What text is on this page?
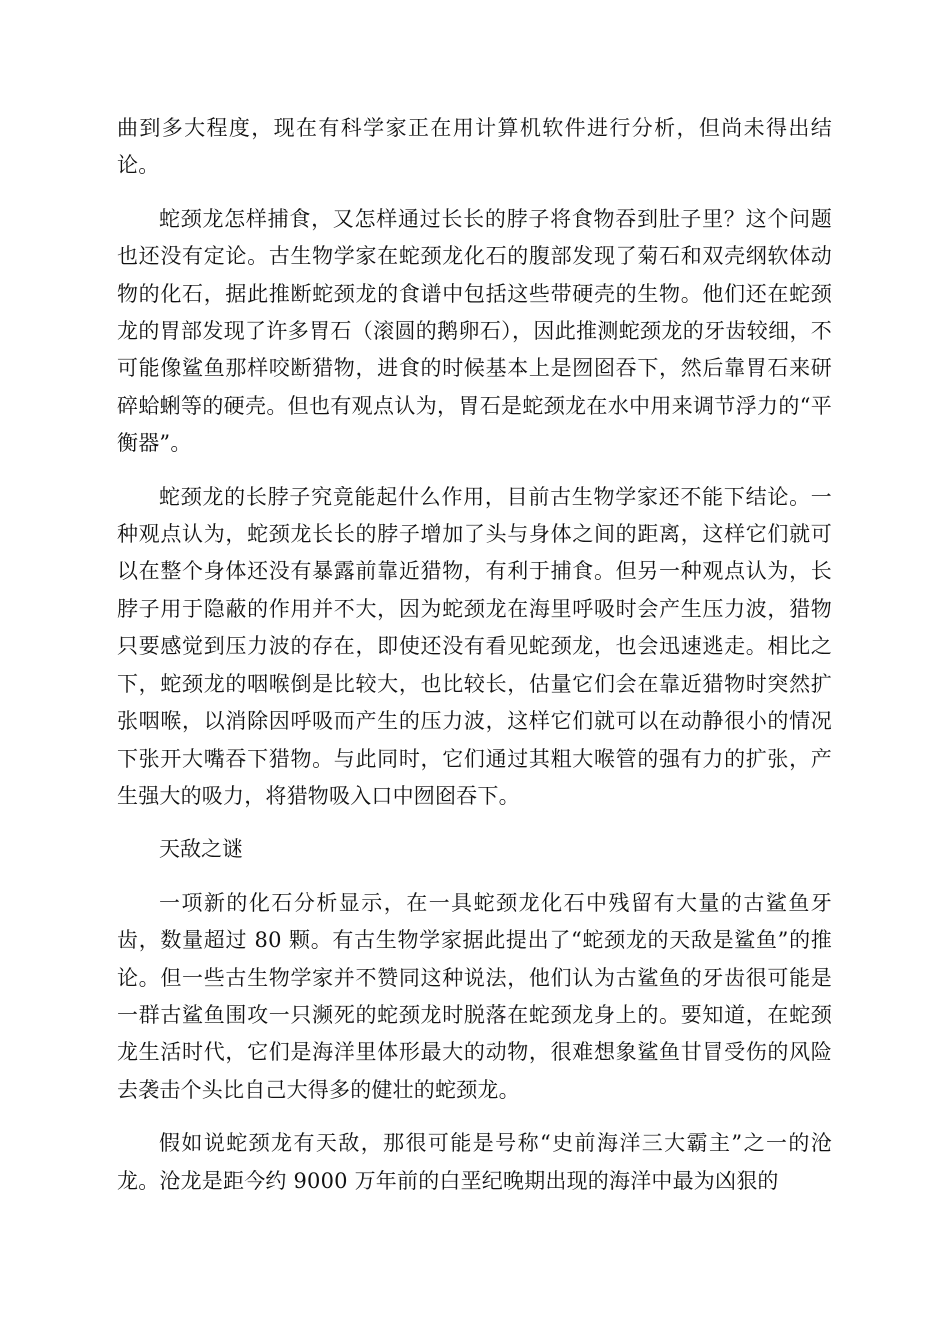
曲到多大程度，现在有科学家正在用计算机软件进行分析，但尚未得出结论。

蛇颈龙怎样捕食，又怎样通过长长的脖子将食物吞到肚子里？这个问题也还没有定论。古生物学家在蛇颈龙化石的腹部发现了菊石和双壳纲软体动物的化石，据此推断蛇颈龙的食谱中包括这些带硬壳的生物。他们还在蛇颈龙的胃部发现了许多胃石（滚圆的鹅卵石），因此推测蛇颈龙的牙齿较细，不可能像鲨鱼那样咬断猎物，进食的时候基本上是囫囵吞下，然后靠胃石来研碎蛤蜊等的硬壳。但也有观点认为，胃石是蛇颈龙在水中用来调节浮力的“平衡器”。

蛇颈龙的长脖子究竟能起什么作用，目前古生物学家还不能下结论。一种观点认为，蛇颈龙长长的脖子增加了头与身体之间的距离，这样它们就可以在整个身体还没有暴露前靠近猎物，有利于捕食。但另一种观点认为，长脖子用于隐蔽的作用并不大，因为蛇颈龙在海里呼吸时会产生压力波，猎物只要感觉到压力波的存在，即使还没有看见蛇颈龙，也会迅速逃走。相比之下，蛇颈龙的咽喉倒是比较大，也比较长，估量它们会在靠近猎物时突然扩张咽喉，以消除因呼吸而产生的压力波，这样它们就可以在动静很小的情况下张开大嘴吞下猎物。与此同时，它们通过其粗大喉管的强有力的扩张，产生强大的吸力，将猎物吸入口中囫囵吞下。

天敌之谜

一项新的化石分析显示，在一具蛇颈龙化石中残留有大量的古鲨鱼牙齿，数量超过 80 颗。有古生物学家据此提出了“蛇颈龙的天敌是鲨鱼”的推论。但一些古生物学家并不赞同这种说法，他们认为古鲨鱼的牙齿很可能是一群古鲨鱼围攻一只濒死的蛇颈龙时脱落在蛇颈龙身上的。要知道，在蛇颈龙生活时代，它们是海洋里体形最大的动物，很难想象鲨鱼甘冒受伤的风险去袭击个头比自己大得多的健壮的蛇颈龙。

假如说蛇颈龙有天敌，那很可能是号称“史前海洋三大霸主”之一的沧龙。沧龙是距今约 9000 万年前的白垩纪晚期出现的海洋中最为凶狠的
